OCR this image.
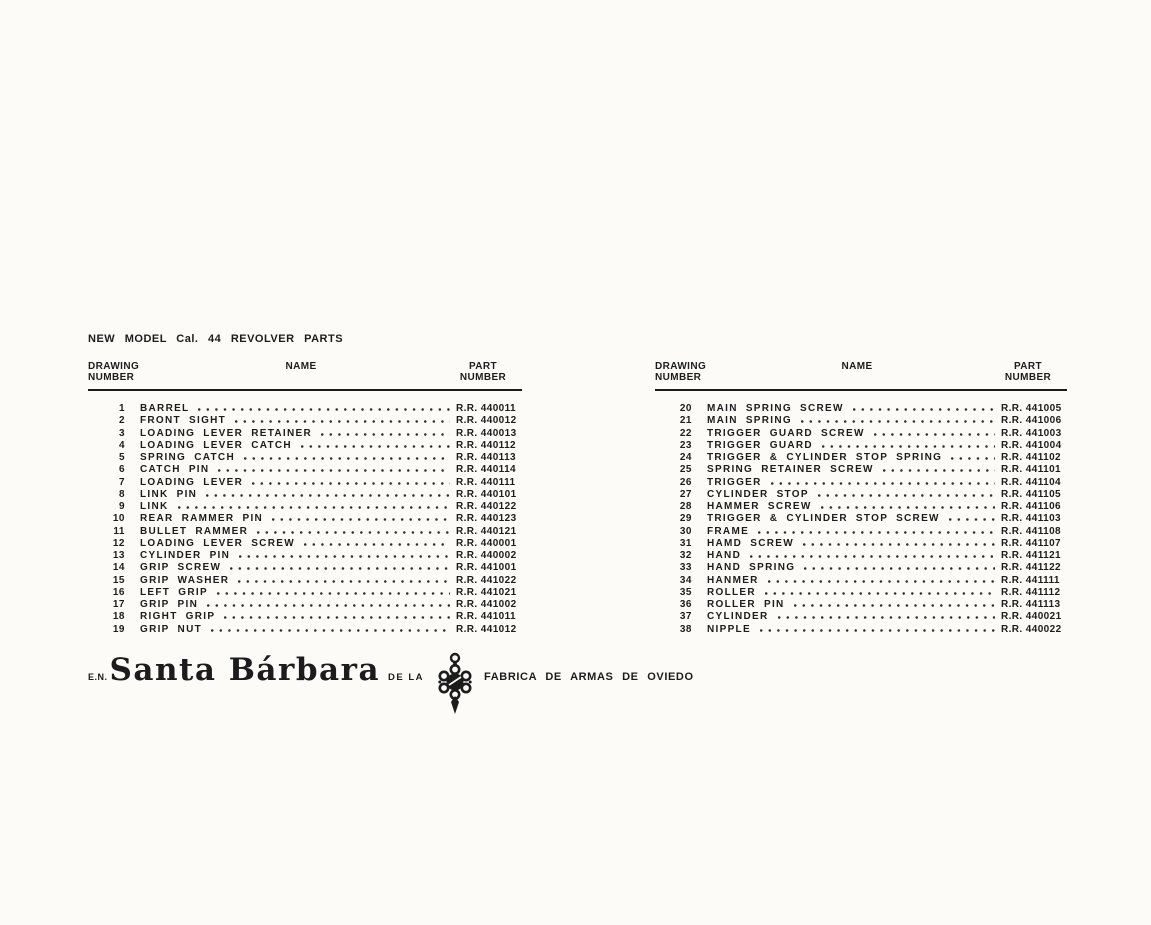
NEW MODEL Cal. 44 REVOLVER PARTS
DRAWING
NUMBER
NAME	PART
NUMBER
1	BARREL	R.R. 440011
2	FRONT SIGHT	R.R. 440012
3	LOADING LEVER RETAINER	R.R. 440013
4	LOADING LEVER CATCH	R.R. 440112
5	SPRING CATCH	R.R. 440113
6	CATCH PIN	R.R. 440114
7	LOADING LEVER	R.R. 440111
8	LINK PIN	R.R. 440101
9	LINK	R.R. 440122
10	REAR RAMMER PIN	R.R. 440123
11	BULLET RAMMER	R.R. 440121
12	LOADING LEVER SCREW	R.R. 440001
13	CYLINDER PIN	R.R. 440002
14	GRIP SCREW	R.R. 441001
15	GRIP WASHER	R.R. 441022
16	LEFT GRIP	R.R. 441021
17	GRIP PIN	R.R. 441002
18	RIGHT GRIP	R.R. 441011
19	GRIP NUT	R.R. 441012
DRAWING
NUMBER
NAME	PART
NUMBER
20	MAIN SPRING SCREW	R.R. 441005
21	MAIN SPRING	R.R. 441006
22	TRIGGER GUARD SCREW	R.R. 441003
23	TRIGGER GUARD	R.R. 441004
24	TRIGGER & CYLINDER STOP SPRING	R.R. 441102
25	SPRING RETAINER SCREW	R.R. 441101
26	TRIGGER	R.R. 441104
27	CYLINDER STOP	R.R. 441105
28	HAMMER SCREW	R.R. 441106
29	TRIGGER & CYLINDER STOP SCREW	R.R. 441103
30	FRAME	R.R. 441108
31	HAMD SCREW	R.R. 441107
32	HAND	R.R. 441121
33	HAND SPRING	R.R. 441122
34	HANMER	R.R. 441111
35	ROLLER	R.R. 441112
36	ROLLER PIN	R.R. 441113
37	CYLINDER	R.R. 440021
38	NIPPLE	R.R. 440022
E.N. Santa Bárbara DE LA	FABRICA DE ARMAS DE OVIEDO
